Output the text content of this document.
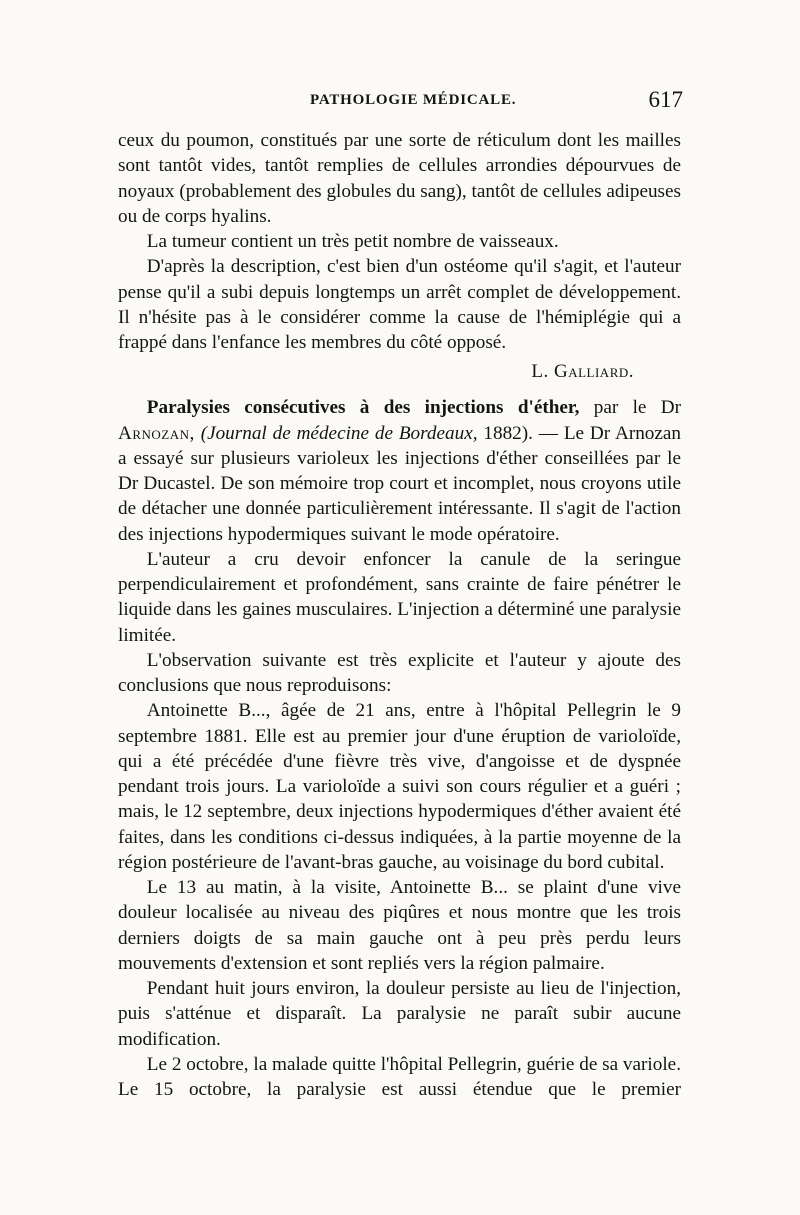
PATHOLOGIE MÉDICALE.	617

ceux du poumon, constitués par une sorte de réticulum dont les mailles sont tantôt vides, tantôt remplies de cellules arrondies dépourvues de noyaux (probablement des globules du sang), tantôt de cellules adipeuses ou de corps hyalins.

La tumeur contient un très petit nombre de vaisseaux.

D'après la description, c'est bien d'un ostéome qu'il s'agit, et l'auteur pense qu'il a subi depuis longtemps un arrêt complet de développement. Il n'hésite pas à le considérer comme la cause de l'hémiplégie qui a frappé dans l'enfance les membres du côté opposé.

L. Galliard.

Paralysies consécutives à des injections d'éther, par le Dr Arnozan, (Journal de médecine de Bordeaux, 1882). — Le Dr Arnozan a essayé sur plusieurs varioleux les injections d'éther conseillées par le Dr Ducastel. De son mémoire trop court et incomplet, nous croyons utile de détacher une donnée particulièrement intéressante. Il s'agit de l'action des injections hypodermiques suivant le mode opératoire.

L'auteur a cru devoir enfoncer la canule de la seringue perpendiculairement et profondément, sans crainte de faire pénétrer le liquide dans les gaines musculaires. L'injection a déterminé une paralysie limitée.

L'observation suivante est très explicite et l'auteur y ajoute des conclusions que nous reproduisons:

Antoinette B..., âgée de 21 ans, entre à l'hôpital Pellegrin le 9 septembre 1881. Elle est au premier jour d'une éruption de varioloïde, qui a été précédée d'une fièvre très vive, d'angoisse et de dyspnée pendant trois jours. La varioloïde a suivi son cours régulier et a guéri ; mais, le 12 septembre, deux injections hypodermiques d'éther avaient été faites, dans les conditions ci-dessus indiquées, à la partie moyenne de la région postérieure de l'avant-bras gauche, au voisinage du bord cubital.

Le 13 au matin, à la visite, Antoinette B... se plaint d'une vive douleur localisée au niveau des piqûres et nous montre que les trois derniers doigts de sa main gauche ont à peu près perdu leurs mouvements d'extension et sont repliés vers la région palmaire.

Pendant huit jours environ, la douleur persiste au lieu de l'injection, puis s'atténue et disparaît. La paralysie ne paraît subir aucune modification.

Le 2 octobre, la malade quitte l'hôpital Pellegrin, guérie de sa variole. Le 15 octobre, la paralysie est aussi étendue que le premier
